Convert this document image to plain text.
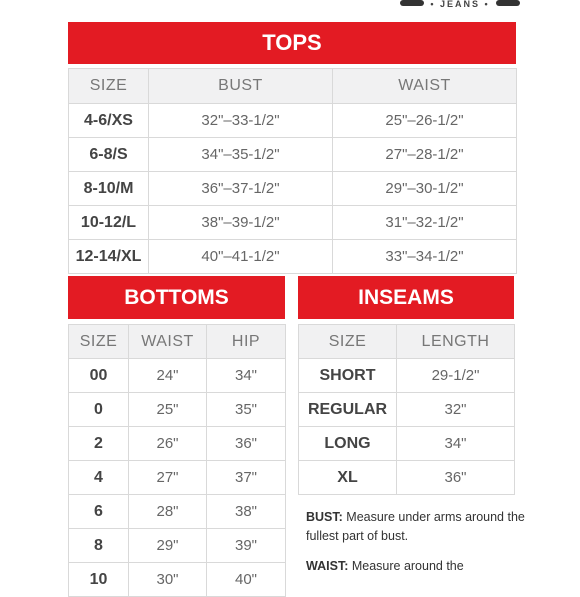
• JEANS •
TOPS
SIZE	BUST	WAIST
4-6/XS	32"–33-1/2"	25"–26-1/2"
6-8/S	34"–35-1/2"	27"–28-1/2"
8-10/M	36"–37-1/2"	29"–30-1/2"
10-12/L	38"–39-1/2"	31"–32-1/2"
12-14/XL	40"–41-1/2"	33"–34-1/2"
BOTTOMS
SIZE	WAIST	HIP
00	24"	34"
0	25"	35"
2	26"	36"
4	27"	37"
6	28"	38"
8	29"	39"
10	30"	40"
INSEAMS
SIZE	LENGTH
SHORT	29-1/2"
REGULAR	32"
LONG	34"
XL	36"

BUST: Measure under arms around the fullest part of bust.

WAIST: Measure around the
